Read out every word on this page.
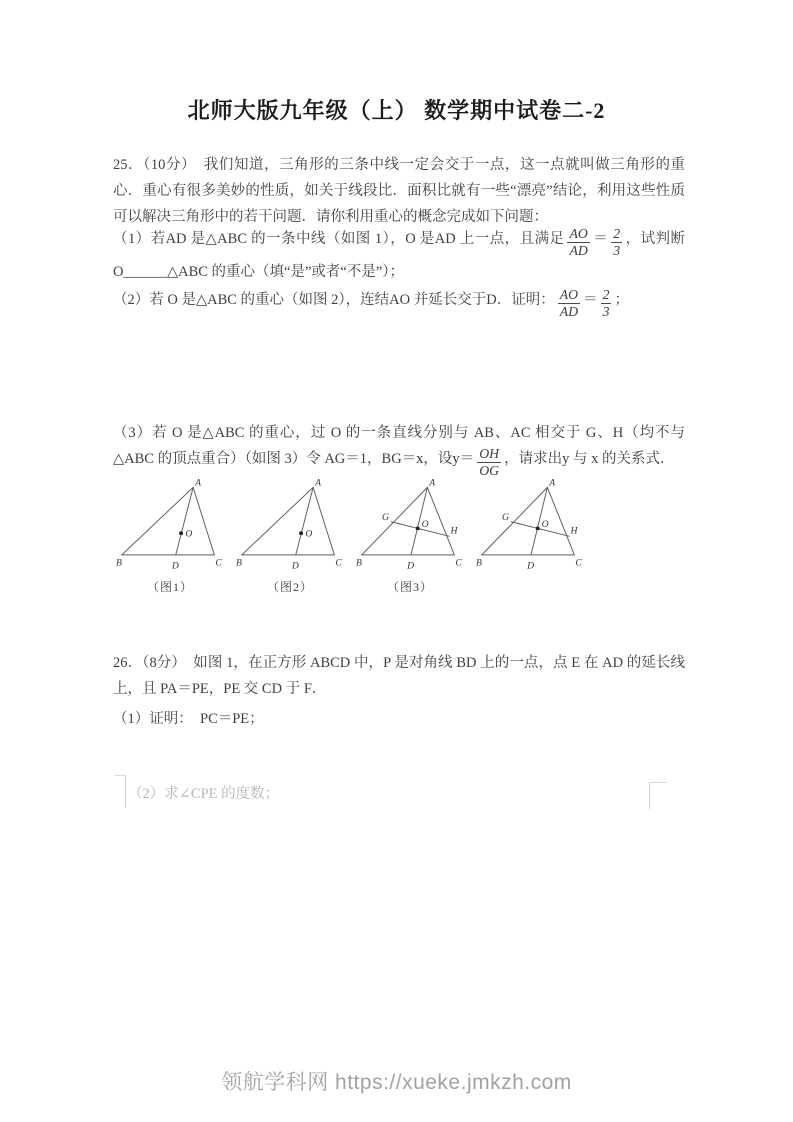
北师大版九年级（上） 数学期中试卷二-2
25．（10分）　我们知道，三角形的三条中线一定会交于一点，这一点就叫做三角形的重心．重心有很多美妙的性质，如关于线段比．面积比就有一些“漂亮”结论，利用这些性质可以解决三角形中的若干问题．请你利用重心的概念完成如下问题：
（1）若AD 是△ABC 的一条中线（如图 1），O 是AD 上一点，且满足 $\frac{AO}{AD} = \frac{2}{3}$ ，试判断 O______△ABC 的重心（填“是”或者“不是”）；
（2）若 O 是△ABC 的重心（如图 2），连结AO 并延长交于D．证明： $\frac{AO}{AD} = \frac{2}{3}$ ；
（3）若 O 是△ABC 的重心，过 O 的一条直线分别与 AB、AC 相交于 G、H（均不与△ABC 的顶点重合）（如图 3）令 AG＝1，BG＝x，设$y= \frac{OH}{OG}$ ，请求出y 与 x 的关系式．
A
B	C
D
O
（图1）
A
B	C
D
O
（图2）
A
B	C
D
G
H
O
（图3）
A
B	C
D
G
H
O
26．（8分）　如图 1，在正方形 ABCD 中，P 是对角线 BD 上的一点，点 E 在 AD 的延长线上，且 PA＝PE，PE 交 CD 于 F．
（1）证明：　PC＝PE；
（2）求∠CPE 的度数；
领航学科网 https://xueke.jmkzh.com
